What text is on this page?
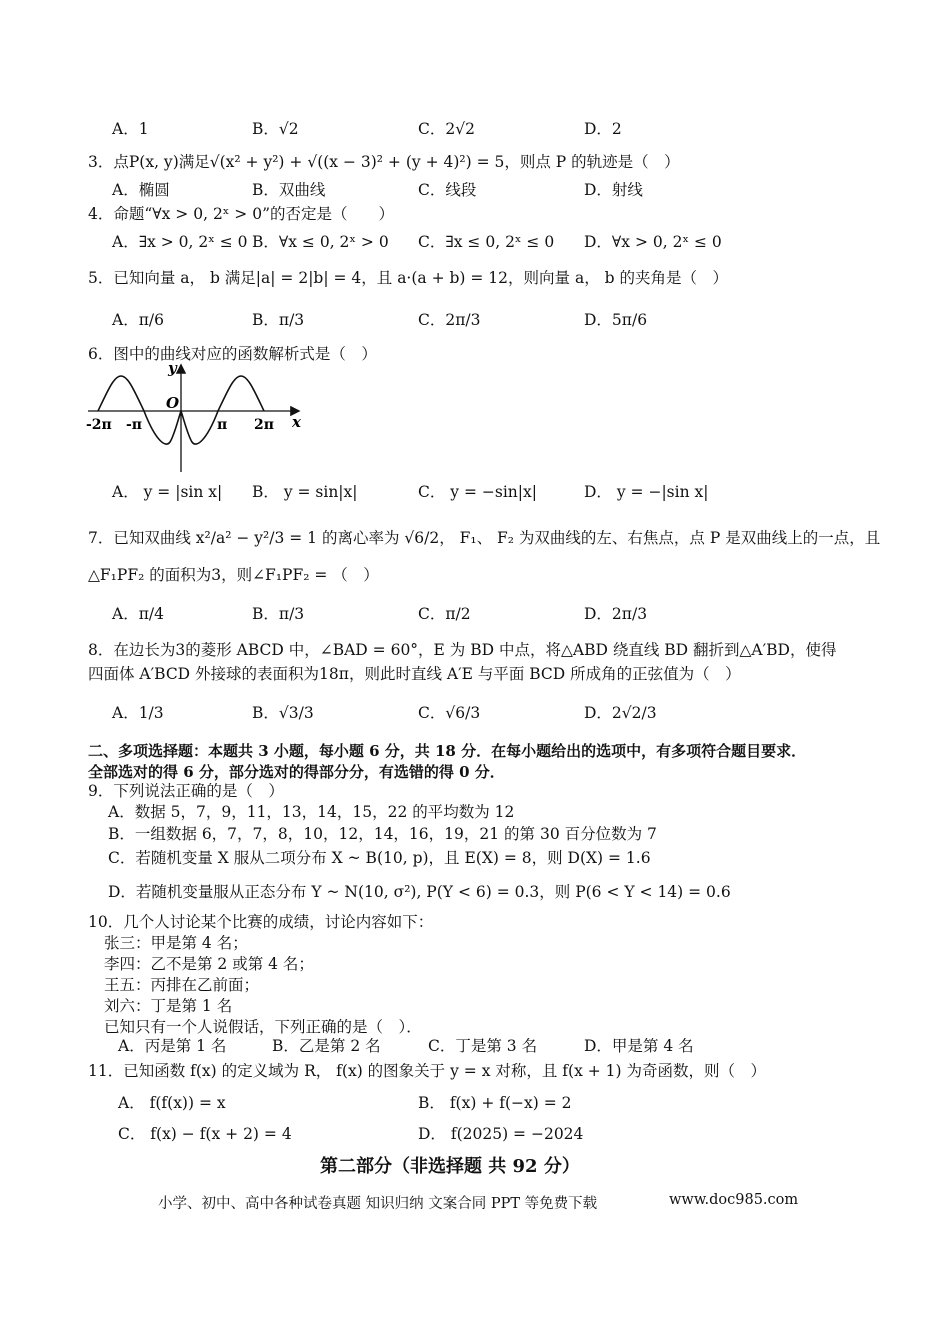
A．1	B．√2	C．2√2	D．2
3．点P(x, y)满足√(x² + y²) + √((x − 3)² + (y + 4)²) = 5，则点 P 的轨迹是（　）
A．椭圆	B．双曲线	C．线段	D．射线
4．命题“∀x > 0, 2ˣ > 0”的否定是（　　）
A．∃x > 0, 2ˣ ≤ 0 B．∀x ≤ 0, 2ˣ > 0 C．∃x ≤ 0, 2ˣ ≤ 0 D．∀x > 0, 2ˣ ≤ 0
5．已知向量 a， b 满足|a| = 2|b| = 4，且 a·(a + b) = 12，则向量 a， b 的夹角是（　）
A．π/6	B．π/3	C．2π/3	D．5π/6
6．图中的曲线对应的函数解析式是（　）
y
O
x
-2π -π	π 2π
A． y = |sin x| B． y = sin|x|	C． y = −sin|x|	D． y = −|sin x|
7．已知双曲线 x²/a² − y²/3 = 1 的离心率为 √6/2， F₁、 F₂ 为双曲线的左、右焦点，点 P 是双曲线上的一点，且
△F₁PF₂ 的面积为3，则∠F₁PF₂ = （　）
A．π/4	B．π/3	C．π/2	D．2π/3
8．在边长为3的菱形 ABCD 中，∠BAD = 60°，E 为 BD 中点，将△ABD 绕直线 BD 翻折到△A′BD，使得
四面体 A′BCD 外接球的表面积为18π，则此时直线 A′E 与平面 BCD 所成角的正弦值为（　）
A．1/3	B．√3/3	C．√6/3	D．2√2/3
二、多项选择题：本题共 3 小题，每小题 6 分，共 18 分．在每小题给出的选项中，有多项符合题目要求．
全部选对的得 6 分，部分选对的得部分分，有选错的得 0 分．
9．下列说法正确的是（　）
A．数据 5，7，9，11，13，14，15，22 的平均数为 12
B．一组数据 6，7，7，8，10，12，14，16，19，21 的第 30 百分位数为 7
C．若随机变量 X 服从二项分布 X ~ B(10, p)，且 E(X) = 8，则 D(X) = 1.6
D．若随机变量服从正态分布 Y ~ N(10, σ²), P(Y < 6) = 0.3，则 P(6 < Y < 14) = 0.6
10．几个人讨论某个比赛的成绩，讨论内容如下：
张三：甲是第 4 名；
李四：乙不是第 2 或第 4 名；
王五：丙排在乙前面；
刘六：丁是第 1 名
已知只有一个人说假话，下列正确的是（　）．
A．丙是第 1 名	B．乙是第 2 名	C．丁是第 3 名	D．甲是第 4 名
11．已知函数 f(x) 的定义域为 R， f(x) 的图象关于 y = x 对称，且 f(x + 1) 为奇函数，则（　）
A． f(f(x)) = x	B． f(x) + f(−x) = 2
C． f(x) − f(x + 2) = 4	D． f(2025) = −2024
第二部分（非选择题 共 92 分）
小学、初中、高中各种试卷真题 知识归纳 文案合同 PPT 等免费下载	www.doc985.com
